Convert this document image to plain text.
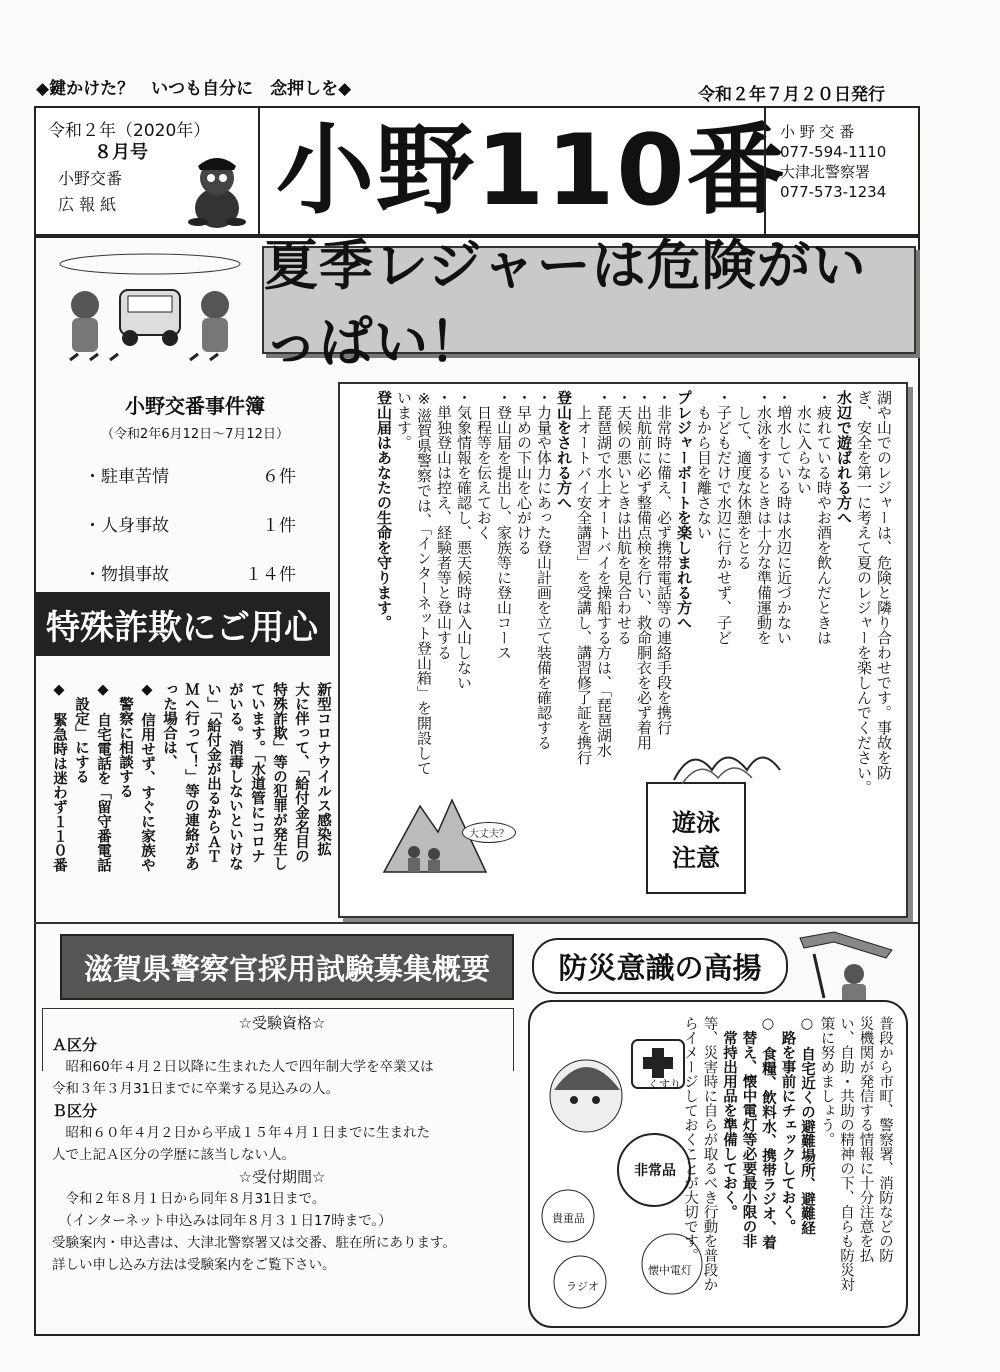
◆鍵かけた？　いつも自分に　念押しを◆	令和２年７月２０日発行
令和２年（2020年）
８月号
小野交番
広 報 紙 小野110番
小 野 交 番
077-594-1110
大津北警察署
077-573-1234
夏季レジャーは危険がいっぱい！
小野交番事件簿
（令和2年6月12日～7月12日）
・駐車苦情	６件
・人身事故	１件
・物損事故	１４件
特殊詐欺にご用心
新型コロナウイルス感染拡
大に伴って、「給付金名目の
特殊詐欺」等の犯罪が発生し
ています。「水道管にコロナ
がいる。消毒しないといけな
い」「給付金が出るからＡＴ
Ｍへ行って！」等の連絡があ
った場合は、
◆　信用せず、すぐに家族や
　警察に相談する
◆　自宅電話を「留守番電話
　設定」にする
◆　緊急時は迷わず１１０番	湖や山でのレジャーは、危険と隣り合わせです。事故を防
ぎ、安全を第一に考えて夏のレジャーを楽しんでください。
水辺で遊ばれる方へ
・疲れている時やお酒を飲んだときは
　水に入らない
・増水している時は水辺に近づかない
・水泳をするときは十分な準備運動を
　して、適度な休憩をとる
・子どもだけで水辺に行かせず、子ど
　もから目を離さない
プレジャーボートを楽しまれる方へ
・非常時に備え、必ず携帯電話等の連絡手段を携行
・出航前に必ず整備点検を行い、救命胴衣を必ず着用
・天候の悪いときは出航を見合わせる
・琵琶湖で水上オートバイを操船する方は、「琵琶湖水
　上オートバイ安全講習」を受講し、講習修了証を携行
登山をされる方へ
・力量や体力にあった登山計画を立て装備を確認する
・早めの下山を心がける
・登山届を提出し、家族等に登山コース
　日程等を伝えておく
・気象情報を確認し、悪天候時は入山しない
・単独登山は控え、経験者等と登山する
※滋賀県警察では、「インターネット登山箱」を開設して
います。
登山届はあなたの生命を守ります。
遊泳
注意
大丈夫？
滋賀県警察官採用試験募集概要
☆受験資格☆
Ａ区分
　昭和60年４月２日以降に生まれた人で四年制大学を卒業又は
令和３年３月31日までに卒業する見込みの人。
Ｂ区分
　昭和６０年４月２日から平成１５年４月１日までに生まれた
人で上記Ａ区分の学歴に該当しない人。
☆受付期間☆
　令和２年８月１日から同年８月31日まで。
　（インターネット申込みは同年８月３１日17時まで。）
受験案内・申込書は、大津北警察署又は交番、駐在所にあります。
詳しい申し込み方法は受験案内をご覧下さい。
防災意識の高揚
くすり
非常品
貴重品
ラジオ
懐中電灯
普段から市町、警察署、消防などの防
災機関が発信する情報に十分注意を払
い、自助・共助の精神の下、自らも防災対
策に努めましょう。
○　自宅近くの避難場所、避難経
　路を事前にチェックしておく。
○　食糧、飲料水、携帯ラジオ、着
　替え、懐中電灯等必要最小限の非
　常持出用品を準備しておく。
等、災害時に自らが取るべき行動を普段か
らイメージしておくことが大切です。
